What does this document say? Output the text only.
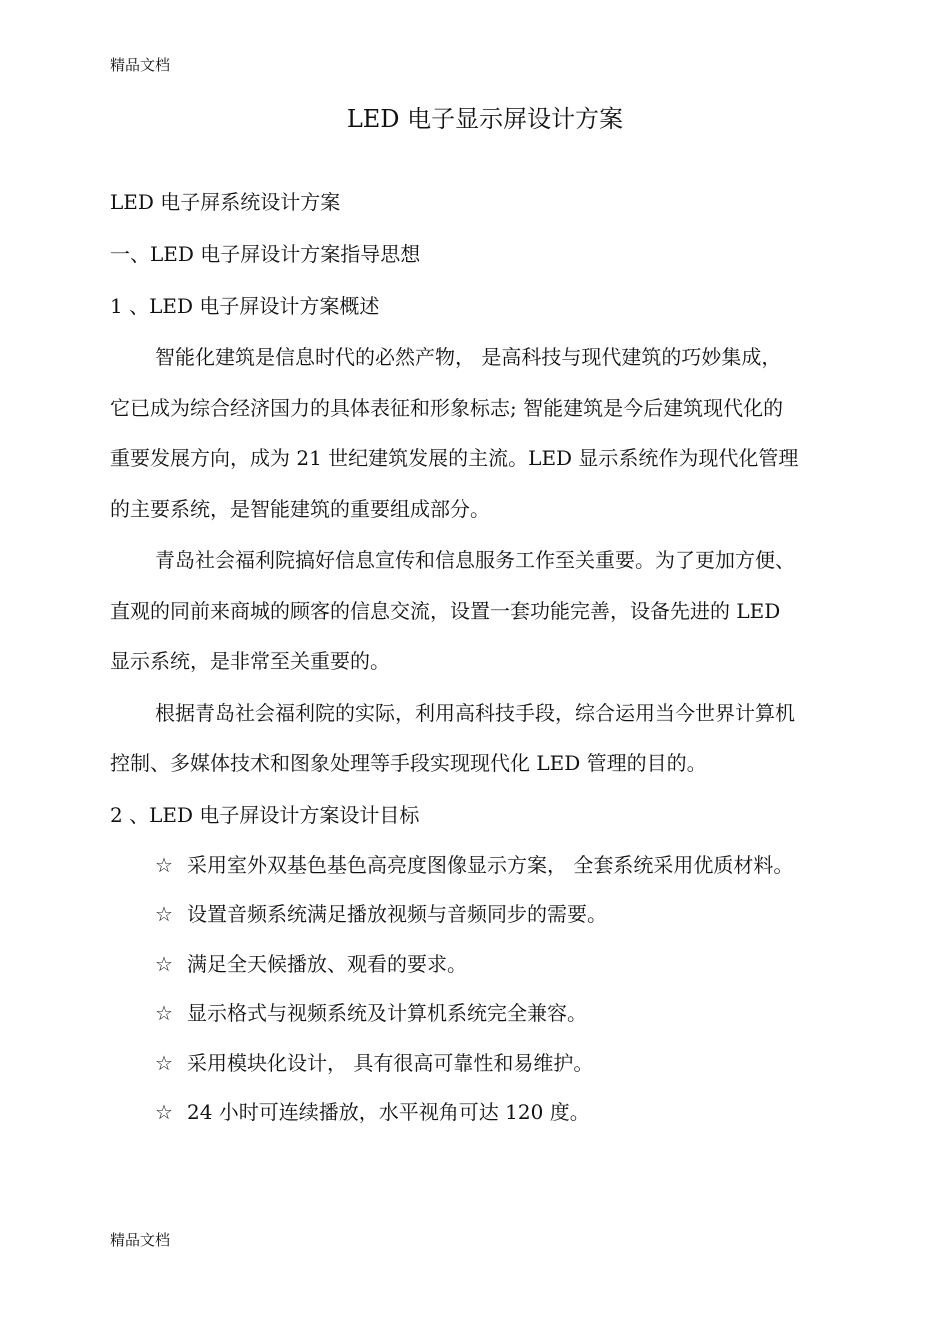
精品文档
LED 电子显示屏设计方案
LED 电子屏系统设计方案
一、LED 电子屏设计方案指导思想
1 、LED 电子屏设计方案概述
智能化建筑是信息时代的必然产物， 是高科技与现代建筑的巧妙集成，
它已成为综合经济国力的具体表征和形象标志; 智能建筑是今后建筑现代化的
重要发展方向，成为 21 世纪建筑发展的主流。LED 显示系统作为现代化管理
的主要系统，是智能建筑的重要组成部分。
青岛社会福利院搞好信息宣传和信息服务工作至关重要。为了更加方便、
直观的同前来商城的顾客的信息交流，设置一套功能完善，设备先进的 LED
显示系统，是非常至关重要的。
根据青岛社会福利院的实际，利用高科技手段，综合运用当今世界计算机
控制、多媒体技术和图象处理等手段实现现代化 LED 管理的目的。
2 、LED 电子屏设计方案设计目标
☆ 采用室外双基色基色高亮度图像显示方案， 全套系统采用优质材料。
☆ 设置音频系统满足播放视频与音频同步的需要。
☆ 满足全天候播放、观看的要求。
☆ 显示格式与视频系统及计算机系统完全兼容。
☆ 采用模块化设计， 具有很高可靠性和易维护。
☆ 24 小时可连续播放，水平视角可达 120 度。
精品文档
